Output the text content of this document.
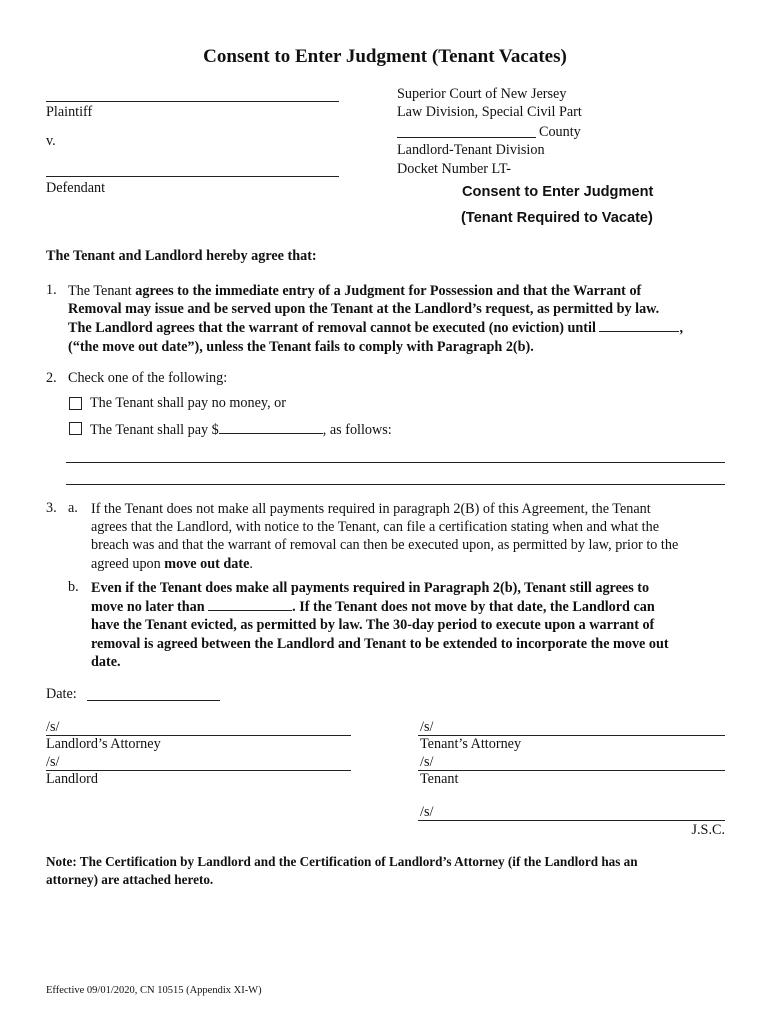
Consent to Enter Judgment (Tenant Vacates)
Plaintiff
v.
Defendant
Superior Court of New Jersey
Law Division, Special Civil Part
County
Landlord-Tenant Division
Docket Number LT-
Consent to Enter Judgment
(Tenant Required to Vacate)
The Tenant and Landlord hereby agree that:
1. The Tenant agrees to the immediate entry of a Judgment for Possession and that the Warrant of
Removal may issue and be served upon the Tenant at the Landlord’s request, as permitted by law.
The Landlord agrees that the warrant of removal cannot be executed (no eviction) until	,
(“the move out date”), unless the Tenant fails to comply with Paragraph 2(b).
2. Check one of the following:
The Tenant shall pay no money, or
The Tenant shall pay $	, as follows:
3. a. If the Tenant does not make all payments required in paragraph 2(B) of this Agreement, the Tenant
agrees that the Landlord, with notice to the Tenant, can file a certification stating when and what the
breach was and that the warrant of removal can then be executed upon, as permitted by law, prior to the
agreed upon move out date.
b. Even if the Tenant does make all payments required in Paragraph 2(b), Tenant still agrees to
move no later than	. If the Tenant does not move by that date, the Landlord can
have the Tenant evicted, as permitted by law. The 30-day period to execute upon a warrant of
removal is agreed between the Landlord and Tenant to be extended to incorporate the move out
date.
Date:
/s/
Landlord’s Attorney
/s/
Landlord
/s/
Tenant’s Attorney
/s/
Tenant
/s/
J.S.C.
Note: The Certification by Landlord and the Certification of Landlord’s Attorney (if the Landlord has an
attorney) are attached hereto.
Effective 09/01/2020, CN 10515 (Appendix XI-W)
